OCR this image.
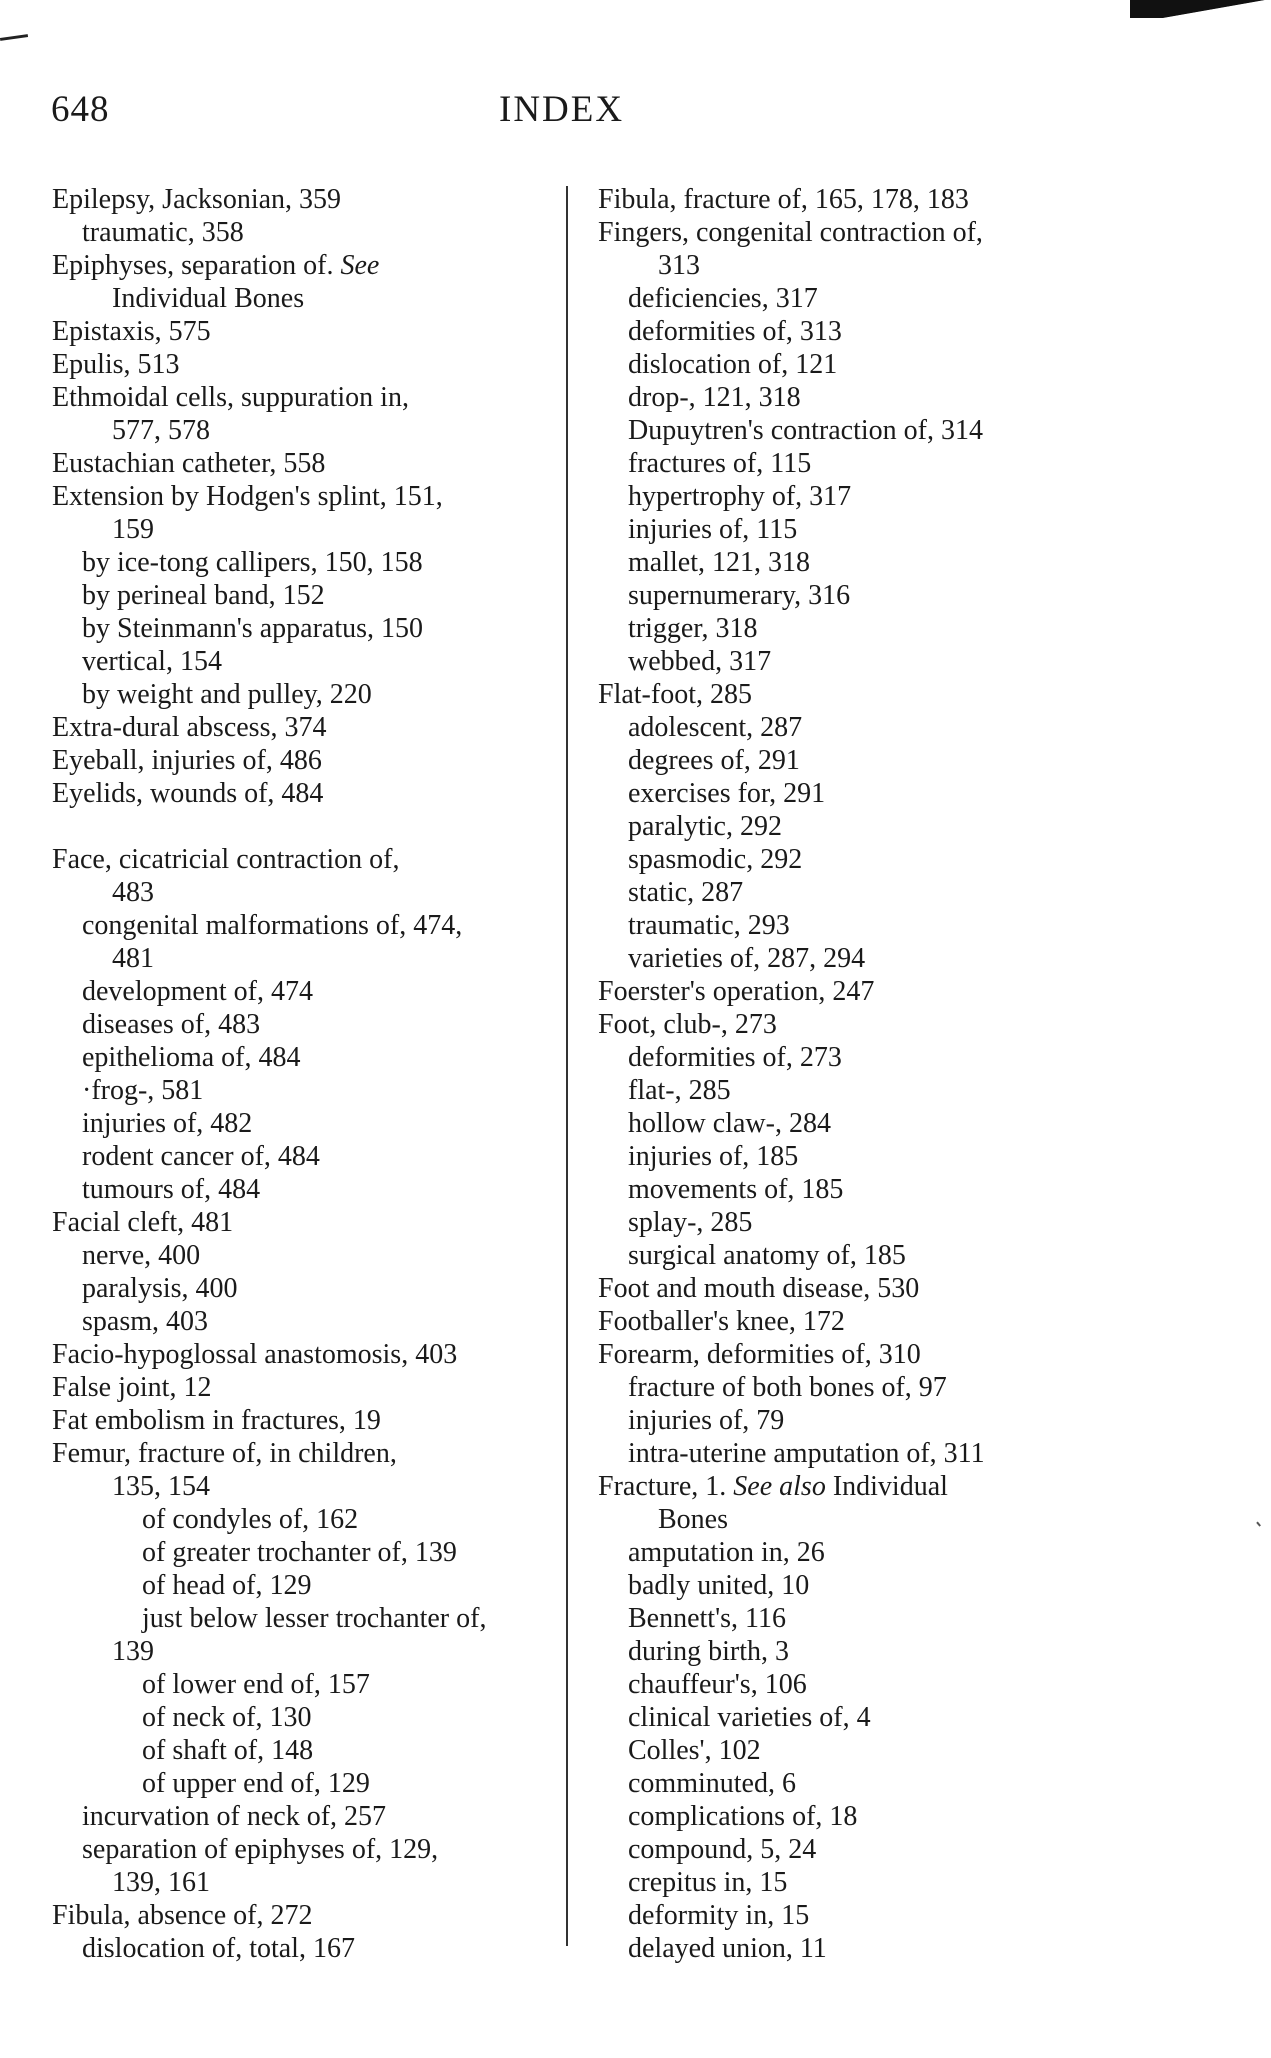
648	INDEX
Epilepsy, Jacksonian, 359
traumatic, 358
Epiphyses, separation of. See
Individual Bones
Epistaxis, 575
Epulis, 513
Ethmoidal cells, suppuration in,
577, 578
Eustachian catheter, 558
Extension by Hodgen's splint, 151,
159
by ice-tong callipers, 150, 158
by perineal band, 152
by Steinmann's apparatus, 150
vertical, 154
by weight and pulley, 220
Extra-dural abscess, 374
Eyeball, injuries of, 486
Eyelids, wounds of, 484
Face, cicatricial contraction of,
483
congenital malformations of, 474,
481
development of, 474
diseases of, 483
epithelioma of, 484
·frog-, 581
injuries of, 482
rodent cancer of, 484
tumours of, 484
Facial cleft, 481
nerve, 400
paralysis, 400
spasm, 403
Facio-hypoglossal anastomosis, 403
False joint, 12
Fat embolism in fractures, 19
Femur, fracture of, in children,
135, 154
of condyles of, 162
of greater trochanter of, 139
of head of, 129
just below lesser trochanter of,
139
of lower end of, 157
of neck of, 130
of shaft of, 148
of upper end of, 129
incurvation of neck of, 257
separation of epiphyses of, 129,
139, 161
Fibula, absence of, 272
dislocation of, total, 167
Fibula, fracture of, 165, 178, 183
Fingers, congenital contraction of,
313
deficiencies, 317
deformities of, 313
dislocation of, 121
drop-, 121, 318
Dupuytren's contraction of, 314
fractures of, 115
hypertrophy of, 317
injuries of, 115
mallet, 121, 318
supernumerary, 316
trigger, 318
webbed, 317
Flat-foot, 285
adolescent, 287
degrees of, 291
exercises for, 291
paralytic, 292
spasmodic, 292
static, 287
traumatic, 293
varieties of, 287, 294
Foerster's operation, 247
Foot, club-, 273
deformities of, 273
flat-, 285
hollow claw-, 284
injuries of, 185
movements of, 185
splay-, 285
surgical anatomy of, 185
Foot and mouth disease, 530
Footballer's knee, 172
Forearm, deformities of, 310
fracture of both bones of, 97
injuries of, 79
intra-uterine amputation of, 311
Fracture, 1. See also Individual
Bones
amputation in, 26
badly united, 10
Bennett's, 116
during birth, 3
chauffeur's, 106
clinical varieties of, 4
Colles', 102
comminuted, 6
complications of, 18
compound, 5, 24
crepitus in, 15
deformity in, 15
delayed union, 11
